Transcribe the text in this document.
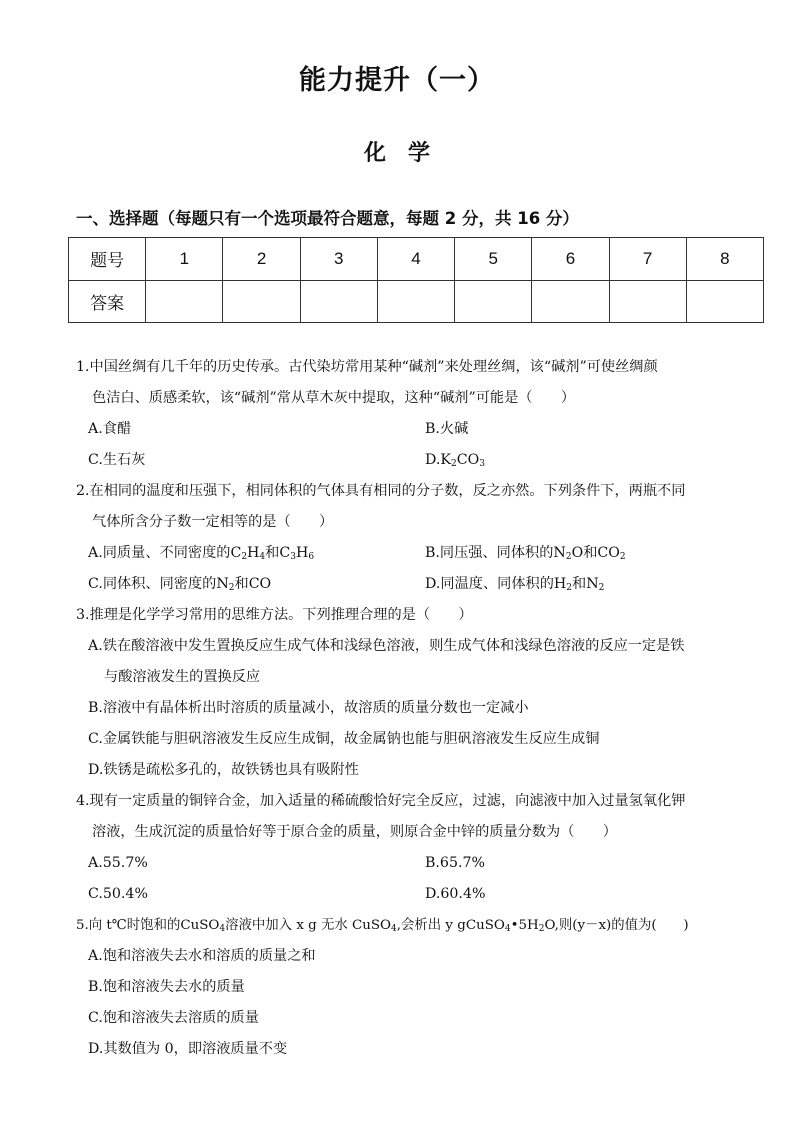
能力提升（一）
化学
一、选择题（每题只有一个选项最符合题意，每题 2 分，共 16 分）
题号	1	2	3	4	5	6	7	8
答案								
1.中国丝绸有几千年的历史传承。古代染坊常用某种“碱剂”来处理丝绸，该“碱剂”可使丝绸颜
色洁白、质感柔软，该“碱剂”常从草木灰中提取，这种“碱剂”可能是（　　）
A.食醋	B.火碱
C.生石灰	$D.K_2CO_3$
2.在相同的温度和压强下，相同体积的气体具有相同的分子数，反之亦然。下列条件下，两瓶不同
气体所含分子数一定相等的是（　　）
A.同质量、不同密度的$C_2H_4$和$C_3H_6$	B.同压强、同体积的$N_2O$和$CO_2$
C.同体积、同密度的$N_2$和CO	D.同温度、同体积的$H_2$和$N_2$
3.推理是化学学习常用的思维方法。下列推理合理的是（　　）
A.铁在酸溶液中发生置换反应生成气体和浅绿色溶液，则生成气体和浅绿色溶液的反应一定是铁
与酸溶液发生的置换反应
B.溶液中有晶体析出时溶质的质量减小，故溶质的质量分数也一定减小
C.金属铁能与胆矾溶液发生反应生成铜，故金属钠也能与胆矾溶液发生反应生成铜
D.铁锈是疏松多孔的，故铁锈也具有吸附性
4.现有一定质量的铜锌合金，加入适量的稀硫酸恰好完全反应，过滤，向滤液中加入过量氢氧化钾
溶液，生成沉淀的质量恰好等于原合金的质量，则原合金中锌的质量分数为（　　）
A.55.7%	B.65.7%
C.50.4%	D.60.4%
5.向 t℃时饱和的CuSO$_4$溶液中加入 x g 无水 CuSO$_4$,会析出 y $gCuSO_4•5H_2O$,则(y－x)的值为(　　)
A.饱和溶液失去水和溶质的质量之和
B.饱和溶液失去水的质量
C.饱和溶液失去溶质的质量
D.其数值为 0，即溶液质量不变
